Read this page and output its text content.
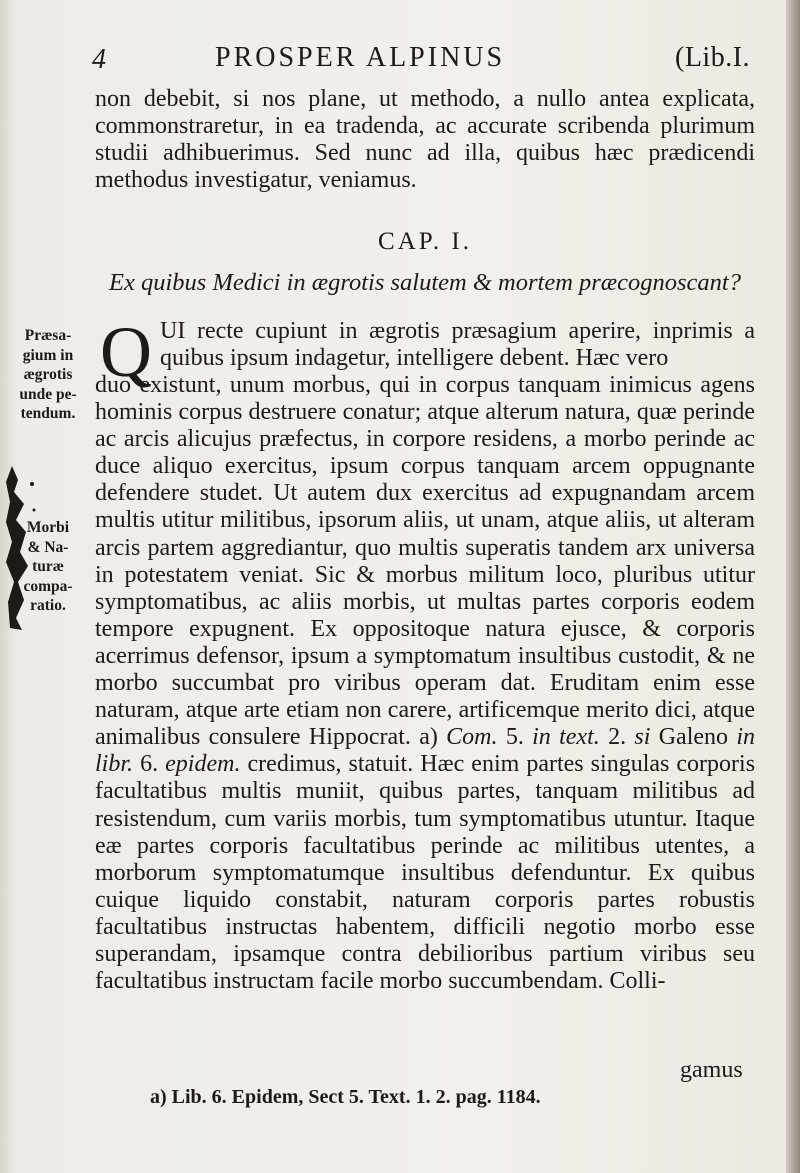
4	PROSPER ALPINUS	(Lib.I.
non debebit, si nos plane, ut methodo, a nullo antea explicata, commonstraretur, in ea tradenda, ac accurate scribenda plurimum studii adhibuerimus. Sed nunc ad illa, quibus hæc prædicendi methodus investigatur, veniamus.
CAP. I.
Ex quibus Medici in ægrotis salutem & mortem præcognoscant?
Q UI recte cupiunt in ægrotis præsagium aperire, inprimis a quibus ipsum indagetur, intelligere debent. Hæc vero
duo existunt, unum morbus, qui in corpus tanquam inimicus agens hominis corpus destruere conatur; atque alterum natura, quæ perinde ac arcis alicujus præfectus, in corpore residens, a morbo perinde ac duce aliquo exercitus, ipsum corpus tanquam arcem oppugnante defendere studet. Ut autem dux exercitus ad expugnandam arcem multis utitur militibus, ipsorum aliis, ut unam, atque aliis, ut alteram arcis partem aggrediantur, quo multis superatis tandem arx universa in potestatem veniat. Sic & morbus militum loco, pluribus utitur symptomatibus, ac aliis morbis, ut multas partes corporis eodem tempore expugnent. Ex oppositoque natura ejusce, & corporis acerrimus defensor, ipsum a symptomatum insultibus custodit, & ne morbo succumbat pro viribus operam dat. Eruditam enim esse naturam, atque arte etiam non carere, artificemque merito dici, atque animalibus consulere Hippocrat. a) Com. 5. in text. 2. si Galeno in libr. 6. epidem. credimus, statuit. Hæc enim partes singulas corporis facultatibus multis muniit, quibus partes, tanquam militibus ad resistendum, cum variis morbis, tum symptomatibus utuntur. Itaque eæ partes corporis facultatibus perinde ac militibus utentes, a morborum symptomatumque insultibus defenduntur. Ex quibus cuique liquido constabit, naturam corporis partes robustis facultatibus instructas habentem, difficili negotio morbo esse superandam, ipsamque contra debilioribus partium viribus seu facultatibus instructam facile morbo succumbendam. Colli-
gamus
a) Lib. 6. Epidem, Sect 5. Text. 1. 2. pag. 1184.
Præsa-
gium in
ægrotis
unde pe-
tendum.
Morbi
& Na-
turæ
compa-
ratio.
